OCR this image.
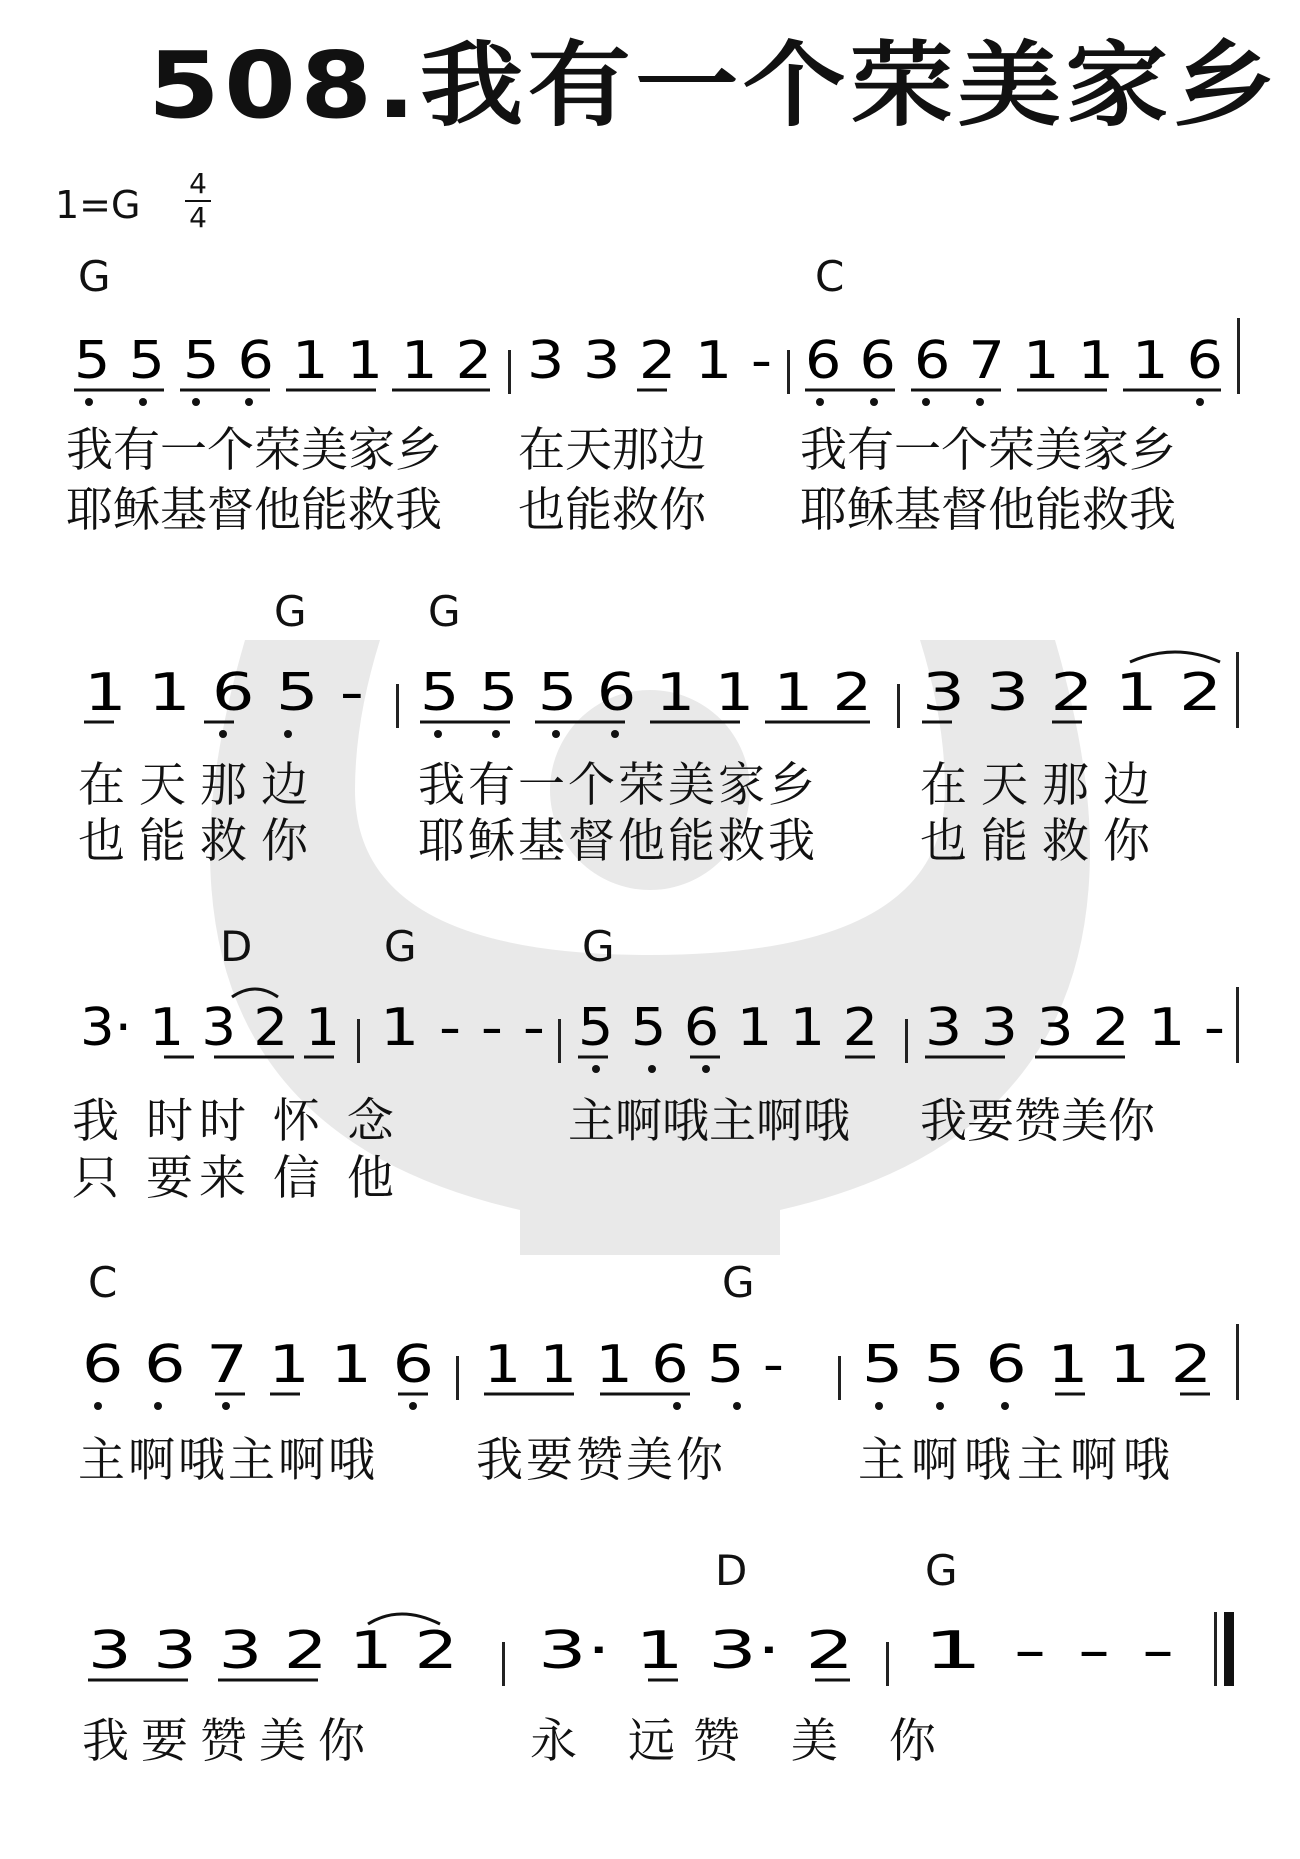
508.我有一个荣美家乡
1=G 4
4
G	C
5 5 5 6 1 1 1 2 3 3 2 1 - 6 6 6 7 1 1 1 6
我有一个荣美家乡 在天那边 我有一个荣美家乡
耶稣基督他能救我 也能救你 耶稣基督他能救我
G	G
1 1 6 5 - 5 5 5 6 1 1 1 2 3 3 2 1 2
在天那边 我有一个荣美家乡 在天那边
也能救你 耶稣基督他能救我 也能救你
D	G	G
3· 1 3 2 1 1 - - - 5 5 6 1 1 2 3 3 3 2 1 -
我 时时 怀 念	主啊哦主啊哦 我要赞美你
只 要来 信 他
C	G
6 6 7 1 1 6 1 1 1 6 5 - 5 5 6 1 1 2
主啊哦主啊哦 我要赞美你	主啊哦主啊哦
D	G
3 3 3 2 1 2 3· 1 3· 2 1 - - -
我要赞美你	永 远赞 美 你
